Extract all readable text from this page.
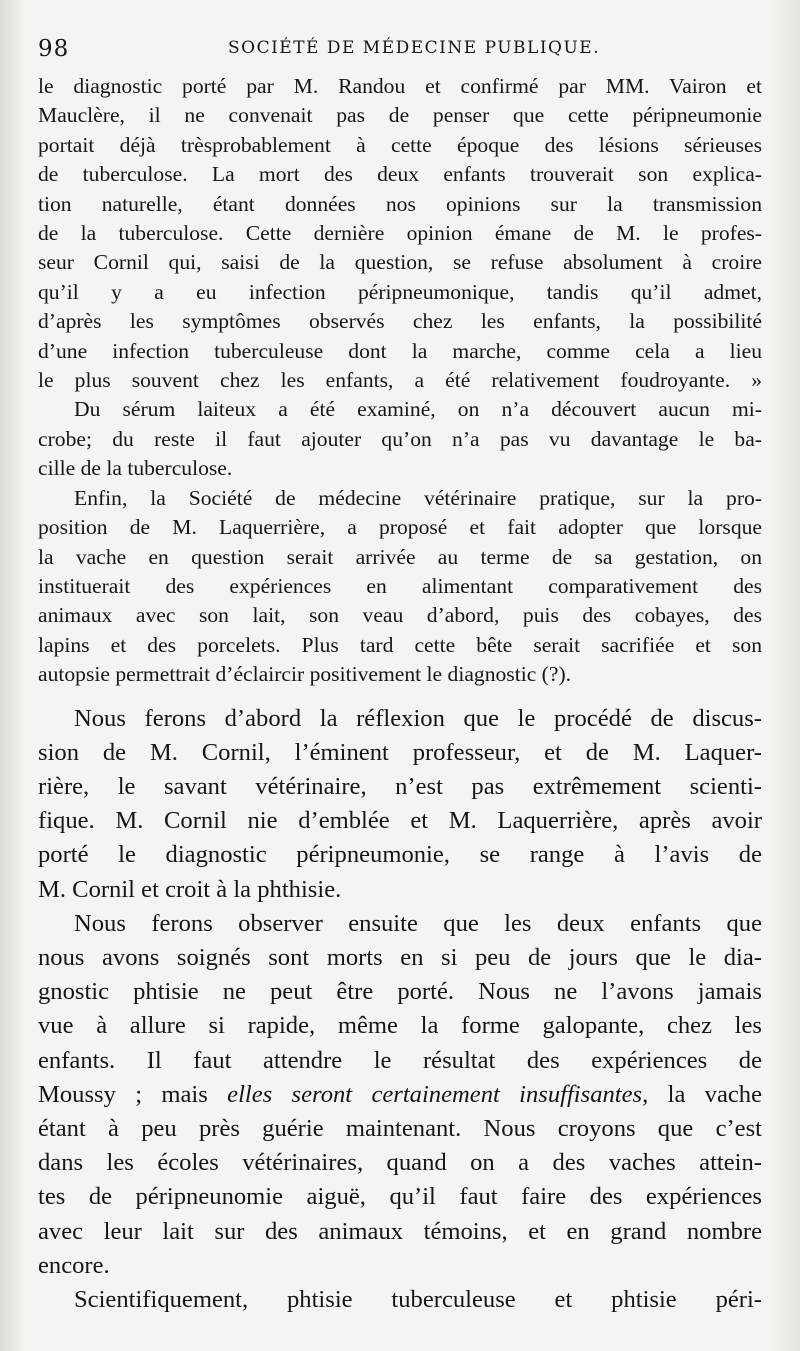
98	SOCIÉTÉ DE MÉDECINE PUBLIQUE.
le diagnostic porté par M. Randou et confirmé par MM. Vairon et
Mauclère, il ne convenait pas de penser que cette péripneumonie
portait déjà trèsprobablement à cette époque des lésions sérieuses
de tuberculose. La mort des deux enfants trouverait son explica-
tion naturelle, étant données nos opinions sur la transmission
de la tuberculose. Cette dernière opinion émane de M. le profes-
seur Cornil qui, saisi de la question, se refuse absolument à croire
qu’il y a eu infection péripneumonique, tandis qu’il admet,
d’après les symptômes observés chez les enfants, la possibilité
d’une infection tuberculeuse dont la marche, comme cela a lieu
le plus souvent chez les enfants, a été relativement foudroyante. »
Du sérum laiteux a été examiné, on n’a découvert aucun mi-
crobe; du reste il faut ajouter qu’on n’a pas vu davantage le ba-
cille de la tuberculose.
Enfin, la Société de médecine vétérinaire pratique, sur la pro-
position de M. Laquerrière, a proposé et fait adopter que lorsque
la vache en question serait arrivée au terme de sa gestation, on
instituerait des expériences en alimentant comparativement des
animaux avec son lait, son veau d’abord, puis des cobayes, des
lapins et des porcelets. Plus tard cette bête serait sacrifiée et son
autopsie permettrait d’éclaircir positivement le diagnostic (?).
Nous ferons d’abord la réflexion que le procédé de discus-
sion de M. Cornil, l’éminent professeur, et de M. Laquer-
rière, le savant vétérinaire, n’est pas extrêmement scienti-
fique. M. Cornil nie d’emblée et M. Laquerrière, après avoir
porté le diagnostic péripneumonie, se range à l’avis de
M. Cornil et croit à la phthisie.
Nous ferons observer ensuite que les deux enfants que
nous avons soignés sont morts en si peu de jours que le dia-
gnostic phtisie ne peut être porté. Nous ne l’avons jamais
vue à allure si rapide, même la forme galopante, chez les
enfants. Il faut attendre le résultat des expériences de
Moussy ; mais elles seront certainement insuffisantes, la vache
étant à peu près guérie maintenant. Nous croyons que c’est
dans les écoles vétérinaires, quand on a des vaches attein-
tes de péripneunomie aiguë, qu’il faut faire des expériences
avec leur lait sur des animaux témoins, et en grand nombre
encore.
Scientifiquement, phtisie tuberculeuse et phtisie péri-
